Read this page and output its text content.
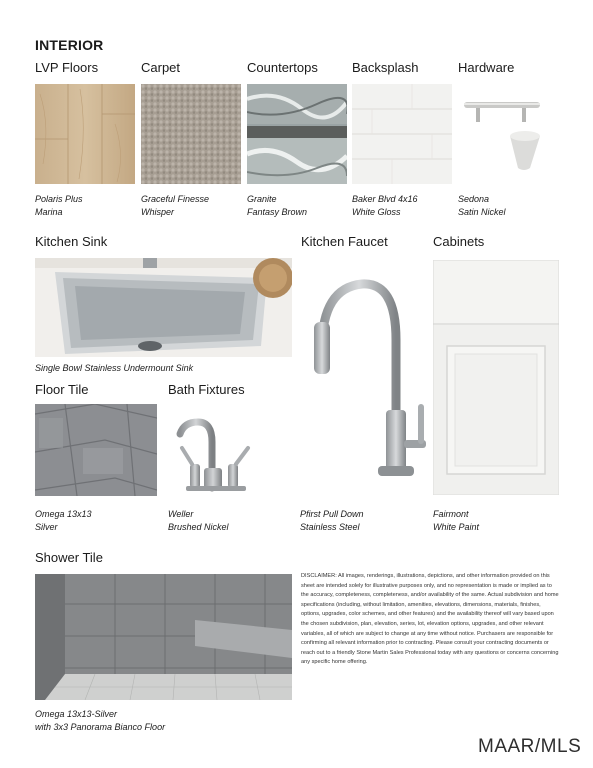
INTERIOR
LVP Floors	Carpet	Countertops	Backsplash	Hardware
Polaris Plus
Marina
Graceful Finesse
Whisper
Granite
Fantasy Brown
Baker Blvd 4x16
White Gloss
Sedona
Satin Nickel
Kitchen Sink	Kitchen Faucet	Cabinets
Single Bowl Stainless Undermount Sink
Pfirst Pull Down
Stainless Steel
Fairmont
White Paint
Floor Tile	Bath Fixtures
Omega 13x13
Silver
Weller
Brushed Nickel
Shower Tile
Omega 13x13-Silver
with 3x3 Panorama Bianco Floor
DISCLAIMER: All images, renderings, illustrations, depictions, and other information provided on this sheet are intended solely for illustrative purposes only, and no representation is made or implied as to the accuracy, completeness, completeness, and/or availability of the same. Actual subdivision and home specifications (including, without limitation, amenities, elevations, dimensions, materials, finishes, options, upgrades, color schemes, and other features) and the availability thereof will vary based upon the chosen subdivision, plan, elevation, series, lot, elevation options, upgrades, and other relevant variables, all of which are subject to change at any time without notice. Purchasers are responsible for confirming all relevant information prior to contracting. Please consult your contracting documents or reach out to a friendly Stone Martin Sales Professional today with any questions or concerns concerning any specific home offering.
MAAR/MLS
